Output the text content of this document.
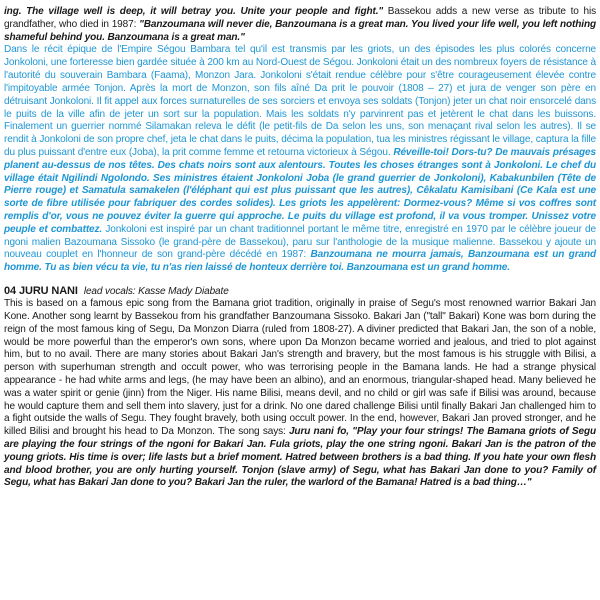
ing. The village well is deep, it will betray you. Unite your people and fight." Bassekou adds a new verse as tribute to his grandfather, who died in 1987: "Banzoumana will never die, Banzoumana is a great man. You lived your life well, you left nothing shameful behind you. Banzoumana is a great man."

Dans le récit épique de l'Empire Ségou Bambara tel qu'il est transmis par les griots, un des épisodes les plus colorés concerne Jonkoloni, une forteresse bien gardée située à 200 km au Nord-Ouest de Ségou. Jonkoloni était un des nombreux foyers de résistance à l'autorité du souverain Bambara (Faama), Monzon Jara. Jonkoloni s'était rendue célèbre pour s'être courageusement élevée contre l'impitoyable armée Tonjon. Après la mort de Monzon, son fils aîné Da prit le pouvoir (1808 – 27) et jura de venger son père en détruisant Jonkoloni. Il fit appel aux forces surnaturelles de ses sorciers et envoya ses soldats (Tonjon) jeter un chat noir ensorcelé dans le puits de la ville afin de jeter un sort sur la population. Mais les soldats n'y parvinrent pas et jetèrent le chat dans les buissons. Finalement un guerrier nommé Silamakan releva le défit (le petit-fils de Da selon les uns, son menaçant rival selon les autres). Il se rendit à Jonkoloni de son propre chef, jeta le chat dans le puits, décima la population, tua les ministres régissant le village, captura la fille du plus puissant d'entre eux (Joba), la prit comme femme et retourna victorieux à Ségou. Réveille-toi! Dors-tu? De mauvais présages planent au-dessus de nos têtes. Des chats noirs sont aux alentours. Toutes les choses étranges sont à Jonkoloni. Le chef du village était Ngilindi Ngolondo. Ses ministres étaient Jonkoloni Joba (le grand guerrier de Jonkoloni), Kabakunbilen (Tête de Pierre rouge) et Samatula samakelen (l'éléphant qui est plus puissant que les autres), Cêkalatu Kamisibani (Ce Kala est une sorte de fibre utilisée pour fabriquer des cordes solides). Les griots les appelèrent: Dormez-vous? Même si vos coffres sont remplis d'or, vous ne pouvez éviter la guerre qui approche. Le puits du village est profond, il va vous tromper. Unissez votre peuple et combattez. Jonkoloni est inspiré par un chant traditionnel portant le même titre, enregistré en 1970 par le célèbre joueur de ngoni malien Bazoumana Sissoko (le grand-père de Bassekou), paru sur l'anthologie de la musique malienne. Bassekou y ajoute un nouveau couplet en l'honneur de son grand-père décédé en 1987: Banzoumana ne mourra jamais, Banzoumana est un grand homme. Tu as bien vécu ta vie, tu n'as rien laissé de honteux derrière toi. Banzoumana est un grand homme.

04 JURU NANI lead vocals: Kasse Mady Diabate

This is based on a famous epic song from the Bamana griot tradition, originally in praise of Segu's most renowned warrior Bakari Jan Kone. Another song learnt by Bassekou from his grandfather Banzoumana Sissoko. Bakari Jan ("tall" Bakari) Kone was born during the reign of the most famous king of Segu, Da Monzon Diarra (ruled from 1808-27). A diviner predicted that Bakari Jan, the son of a noble, would be more powerful than the emperor's own sons, where upon Da Monzon became worried and jealous, and tried to plot against him, but to no avail. There are many stories about Bakari Jan's strength and bravery, but the most famous is his struggle with Bilisi, a person with superhuman strength and occult power, who was terrorising people in the Bamana lands. He had a strange physical appearance - he had white arms and legs, (he may have been an albino), and an enormous, triangular-shaped head. Many believed he was a water spirit or genie (jinn) from the Niger. His name Bilisi, means devil, and no child or girl was safe if Bilisi was around, because he would capture them and sell them into slavery, just for a drink. No one dared challenge Bilisi until finally Bakari Jan challenged him to a fight outside the walls of Segu. They fought bravely, both using occult power. In the end, however, Bakari Jan proved stronger, and he killed Bilisi and brought his head to Da Monzon. The song says: Juru nani fo, "Play your four strings! The Bamana griots of Segu are playing the four strings of the ngoni for Bakari Jan. Fula griots, play the one string ngoni. Bakari Jan is the patron of the young griots. His time is over; life lasts but a brief moment. Hatred between brothers is a bad thing. If you hate your own flesh and blood brother, you are only hurting yourself. Tonjon (slave army) of Segu, what has Bakari Jan done to you? Family of Segu, what has Bakari Jan done to you? Bakari Jan the ruler, the warlord of the Bamana! Hatred is a bad thing…"
